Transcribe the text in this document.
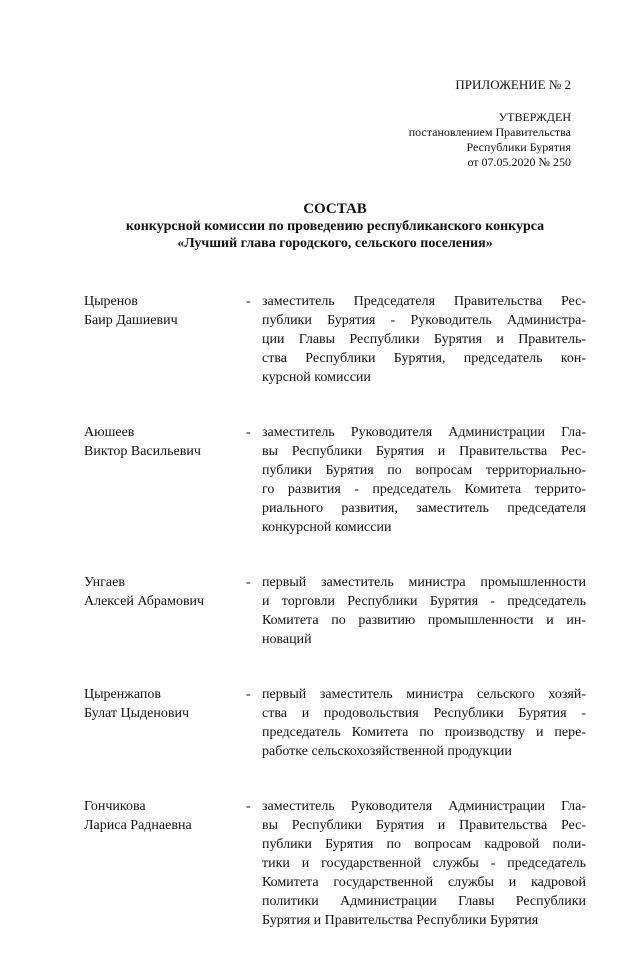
ПРИЛОЖЕНИЕ № 2
УТВЕРЖДЕН
постановлением Правительства
Республики Бурятия
от 07.05.2020 № 250
СОСТАВ
конкурсной комиссии по проведению республиканского конкурса
«Лучший глава городского, сельского поселения»
Цыренов
Баир Дашиевич
- заместитель Председателя Правительства Рес-
публики Бурятия - Руководитель Администра-
ции Главы Республики Бурятия и Правитель-
ства Республики Бурятия, председатель кон-
курсной комиссии
Аюшеев
Виктор Васильевич
- заместитель Руководителя Администрации Гла-
вы Республики Бурятия и Правительства Рес-
публики Бурятия по вопросам территориально-
го развития - председатель Комитета террито-
риального развития, заместитель председателя
конкурсной комиссии
Унгаев
Алексей Абрамович
- первый заместитель министра промышленности
и торговли Республики Бурятия - председатель
Комитета по развитию промышленности и ин-
новаций
Цыренжапов
Булат Цыденович
- первый заместитель министра сельского хозяй-
ства и продовольствия Республики Бурятия -
председатель Комитета по производству и пере-
работке сельскохозяйственной продукции
Гончикова
Лариса Раднаевна
- заместитель Руководителя Администрации Гла-
вы Республики Бурятия и Правительства Рес-
публики Бурятия по вопросам кадровой поли-
тики и государственной службы - председатель
Комитета государственной службы и кадровой
политики Администрации Главы Республики
Бурятия и Правительства Республики Бурятия
